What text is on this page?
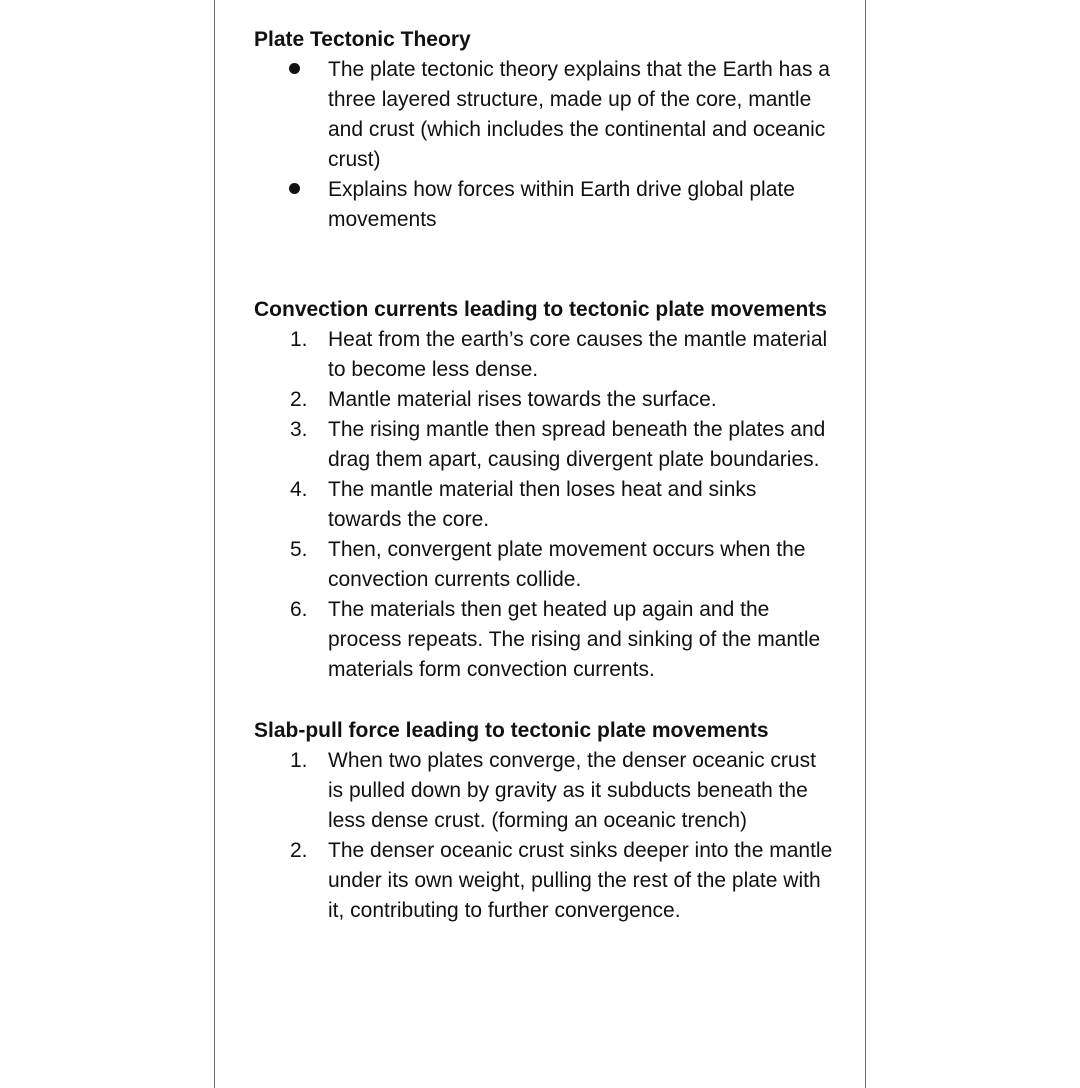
Plate Tectonic Theory
The plate tectonic theory explains that the Earth has a three layered structure, made up of the core, mantle and crust (which includes the continental and oceanic crust)
Explains how forces within Earth drive global plate movements
Convection currents leading to tectonic plate movements
1. Heat from the earth’s core causes the mantle material to become less dense.
2. Mantle material rises towards the surface.
3. The rising mantle then spread beneath the plates and drag them apart, causing divergent plate boundaries.
4. The mantle material then loses heat and sinks towards the core.
5. Then, convergent plate movement occurs when the convection currents collide.
6. The materials then get heated up again and the process repeats. The rising and sinking of the mantle materials form convection currents.
Slab-pull force leading to tectonic plate movements
1. When two plates converge, the denser oceanic crust is pulled down by gravity as it subducts beneath the less dense crust. (forming an oceanic trench)
2. The denser oceanic crust sinks deeper into the mantle under its own weight, pulling the rest of the plate with it, contributing to further convergence.
